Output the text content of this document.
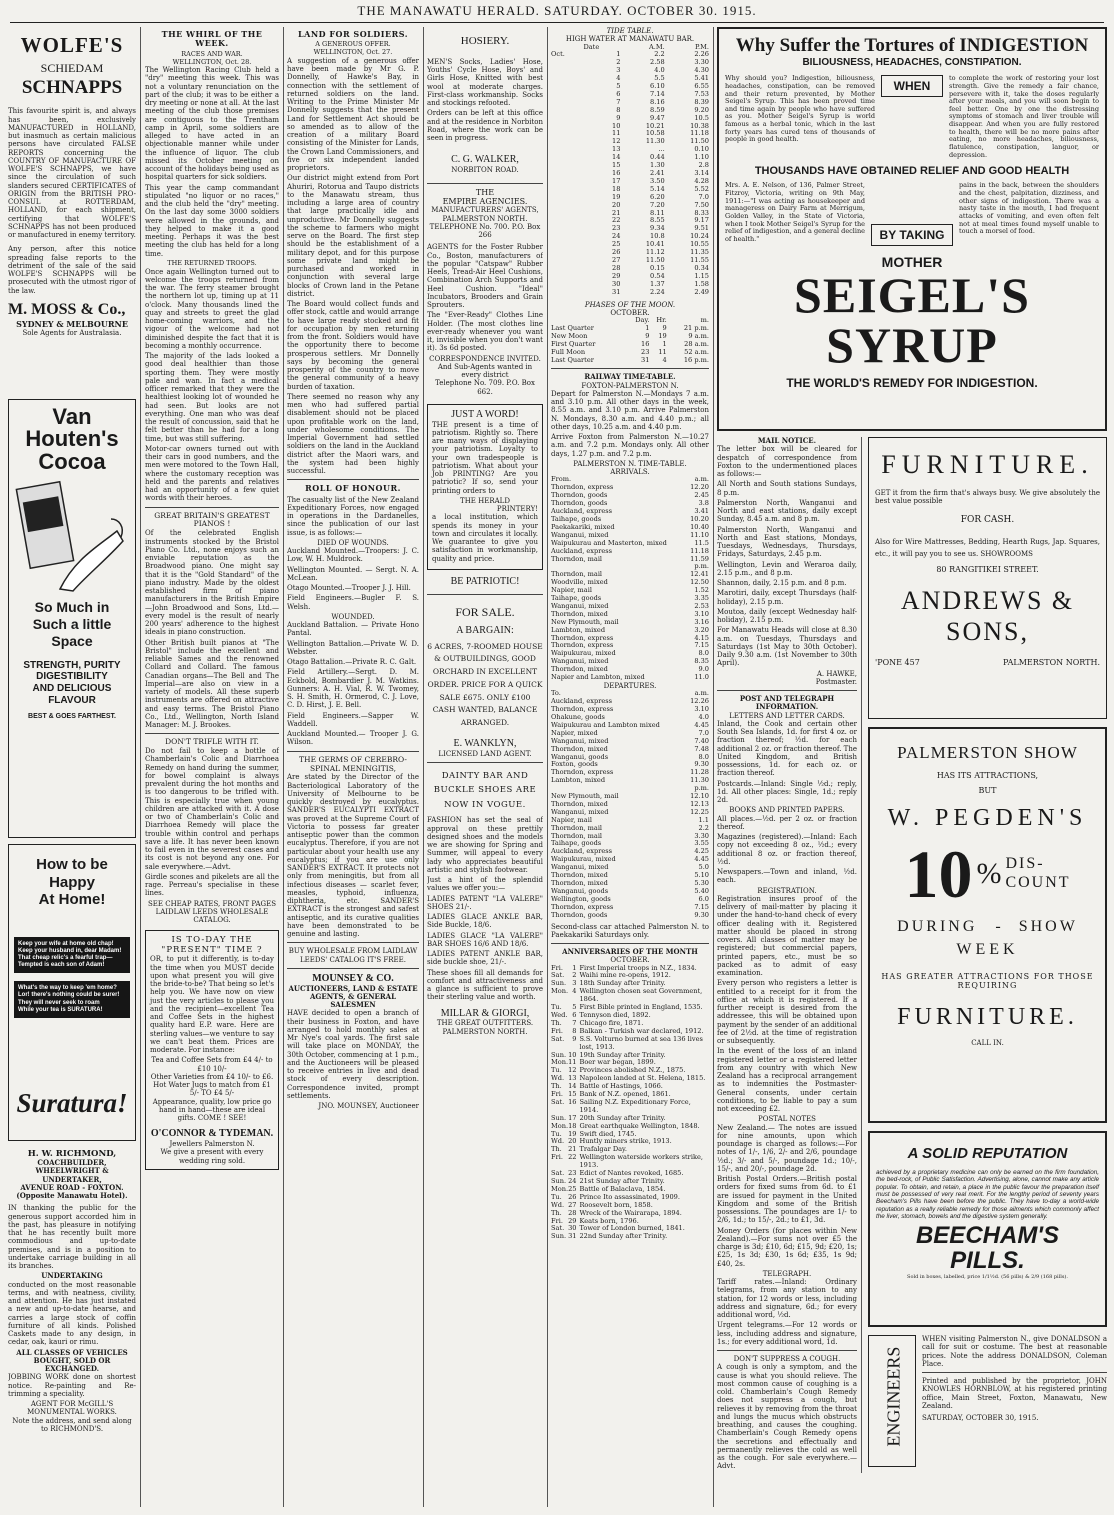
THE MANAWATU HERALD. SATURDAY. OCTOBER 30. 1915.
WOLFE'S
SCHIEDAM
SCHNAPPS

This favourite spirit is, and always has been, exclusively MANUFACTURED in HOLLAND, but inasmuch as certain malicious persons have circulated FALSE REPORTS concerning the COUNTRY OF MANUFACTURE OF WOLFE'S SCHNAPPS, we have since the circulation of such slanders secured CERTIFICATES of ORIGIN from the BRITISH PRO-CONSUL at ROTTERDAM, HOLLAND, for each shipment, certifying that WOLFE'S SCHNAPPS has not been produced or manufactured in enemy territory.

Any person, after this notice spreading false reports to the detriment of the sale of the said WOLFE'S SCHNAPPS will be prosecuted with the utmost rigor of the law.

M. MOSS & Co.,
SYDNEY & MELBOURNE
Sole Agents for Australasia.
Van
Houten's
Cocoa
So Much in
Such a little
Space
STRENGTH, PURITY
DIGESTIBILITY
AND DELICIOUS
FLAVOUR
BEST & GOES FARTHEST.
How to be Happy
At Home!
Keep your wife at home old chap!
Keep your husband in, dear Madam!
That cheap relic's a fearful trap—
Tempted is each son of Adam!
What's the way to keep 'em home?
Lor! there's nothing could be surer!
They will never seek to roam
While your tea is SURATURA!
Suratura!
H. W. RICHMOND,
COACHBUILDER, WHEELWRIGHT & UNDERTAKER,
AVENUE ROAD - FOXTON. (Opposite Manawatu Hotel).

IN thanking the public for the generous support accorded him in the past, has pleasure in notifying that he has recently built more commodious and up-to-date premises, and is in a position to undertake carriage building in all its branches.

UNDERTAKING

conducted on the most reasonable terms, and with neatness, civility, and attention. He has just instated a new and up-to-date hearse, and carries a large stock of coffin furniture of all kinds. Polished Caskets made to any design, in cedar, oak, kauri or rimu.

ALL CLASSES OF VEHICLES BOUGHT, SOLD OR EXCHANGED.

JOBBING WORK done on shortest notice. Re-painting and Re-trimming a speciality.

AGENT FOR McGILL'S MONUMENTAL WORKS.
Note the address, and send along to RICHMOND'S.
THE WHIRL OF THE WEEK.
RACES AND WAR.
WELLINGTON, Oct. 28.

The Wellington Racing Club held a "dry" meeting this week. This was not a voluntary renunciation on the part of the club; it was to be either a dry meeting or none at all. At the last meeting of the club those premises are contiguous to the Trentham camp in April, some soldiers are alleged to have acted in an objectionable manner while under the influence of liquor. The club missed its October meeting on account of the holidays being used as hospital quarters for sick soldiers.

This year the camp commandant stipulated "no liquor or no races," and the club held the "dry" meeting. On the last day some 3000 soldiers were allowed in the grounds, and they helped to make it a good meeting. Perhaps it was the best meeting the club has held for a long time.

THE RETURNED TROOPS.

Once again Wellington turned out to welcome the troops returned from the war. The ferry steamer brought the northern lot up, timing up at 11 o'clock. Many thousands lined the quay and streets to greet the glad home-coming warriors, and the vigour of the welcome had not diminished despite the fact that it is becoming a monthly occurrence.

The majority of the lads looked a good deal healthier than those sporting them. They were mostly pale and wan. In fact a medical officer remarked that they were the healthiest looking lot of wounded he had seen. But looks are not everything. One man who was deaf the result of concussion, said that he felt better than he had for a long time, but was still suffering.

Motor-car owners turned out with their cars in good numbers, and the men were motored to the Town Hall, where the customary reception was held and the parents and relatives had an opportunity of a few quiet words with their heroes.

GREAT BRITAIN'S GREATEST PIANOS !

Of the celebrated English instruments stocked by the Bristol Piano Co. Ltd., none enjoys such an enviable reputation as the Broadwood piano. One might say that it is the "Gold Standard" of the piano industry. Made by the oldest established firm of piano manufacturers in the British Empire—John Broadwood and Sons, Ltd.—every model is the result of nearly 200 years' adherence to the highest ideals in piano construction.

Other British built pianos at "The Bristol" include the excellent and reliable Sames and the renowned Collard and Collard. The famous Canadian organs—The Bell and The Imperial—are also on view in a variety of models. All these superb instruments are offered on attractive and easy terms. The Bristol Piano Co., Ltd., Wellington, North Island Manager: M. J. Brookes.

DON'T TRIFLE WITH IT.

Do not fail to keep a bottle of Chamberlain's Colic and Diarrhoea Remedy on hand during the summer, for bowel complaint is always prevalent during the hot months and is too dangerous to be trifled with. This is especially true when young children are attacked with it. A dose or two of Chamberlain's Colic and Diarrhoea Remedy will place the trouble within control and perhaps save a life. It has never been known to fail even in the severest cases and its cost is not beyond any one. For sale everywhere.—Advt.

Girdle scones and pikelets are all the rage. Perreau's specialise in these lines.

SEE CHEAP RATES, FRONT PAGES LAIDLAW LEEDS WHOLESALE CATALOG.
IS TO-DAY THE "PRESENT" TIME ?

OR, to put it differently, is to-day the time when you MUST decide upon what present you will give the bride-to-be? That being so let's help you. We have now on view just the very articles to please you and the recipient—excellent Tea and Coffee Sets in the highest quality hard E.P. ware. Here are sterling values—we venture to say we can't beat them. Prices are moderate. For instance:

Tea and Coffee Sets from £4 4/- to £10 10/-
Other Varieties from £4 10/- to £6.
Hot Water Jugs to match from £1 5/- TO £4 5/-
Appearance, quality, low price go hand in hand—these are ideal gifts. COME ! SEE!
O'CONNOR & TYDEMAN.
Jewellers Palmerston N.
We give a present with every wedding ring sold.
LAND FOR SOLDIERS.
A GENEROUS OFFER.
WELLINGTON, Oct. 27.

A suggestion of a generous offer have been made by Mr G. P. Donnelly, of Hawke's Bay, in connection with the settlement of returned soldiers on the land. Writing to the Prime Minister Mr Donnelly suggests that the present Land for Settlement Act should be so amended as to allow of the creation of a military Board consisting of the Minister for Lands, the Crown Land Commissioners, and five or six independent landed proprietors.

Our district might extend from Port Ahuriri, Rotorua and Taupo districts to the Manawatu stream, thus including a large area of country that large practically idle and unproductive. Mr Donnelly suggests the scheme to farmers who might serve on the Board. The first step should be the establishment of a military depot, and for this purpose some private land might be purchased and worked in conjunction with several large blocks of Crown land in the Petane district.

The Board would collect funds and offer stock, cattle and would arrange to have large ready stocked and fit for occupation by men returning from the front. Soldiers would have the opportunity there to become prosperous settlers. Mr Donnelly says by becoming the general prosperity of the country to move the general community of a heavy burden of taxation.

There seemed no reason why any men who had suffered partial disablement should not be placed upon profitable work on the land, under wholesome conditions. The Imperial Government had settled soldiers on the land in the Auckland district after the Maori wars, and the system had been highly successful.

ROLL OF HONOUR.

The casualty list of the New Zealand Expeditionary Forces, now engaged in operations in the Dardanelles, since the publication of our last issue, is as follows:—

DIED OF WOUNDS.

Auckland Mounted.—Troopers: J. C. Low, W. H. Muldrock.

Wellington Mounted. — Sergt. N. A. McLean.

Otago Mounted.—Trooper J. J. Hill.

Field Engineers.—Bugler F. S. Welsh.

WOUNDED.

Auckland Battalion. — Private Hono Pantal.

Wellington Battalion.—Private W. D. Webster.

Otago Battalion.—Private R. C. Galt.

Field Artillery.—Sergt. D. M. Eckbold, Bombardier J. M. Watkins. Gunners: A. H. Vial, R. W. Twomey, S. H. Smith, H. Ormerod, C. J. Love, C. D. Hirst, J. E. Bell.

Field Engineers.—Sapper W. Waddell.

Auckland Mounted.— Trooper J. G. Wilson.

THE GERMS OF CEREBRO-SPINAL MENINGITIS,

Are stated by the Director of the Bacteriological Laboratory of the University of Melbourne to be quickly destroyed by eucalyptus. SANDER'S EUCALYPTI EXTRACT was proved at the Supreme Court of Victoria to possess far greater antiseptic power than the common eucalyptus. Therefore, if you are not particular about your health use any eucalyptus; if you are use only SANDER'S EXTRACT. It protects not only from meningitis, but from all infectious diseases — scarlet fever, measles, typhoid, influenza, diphtheria, etc. SANDER'S EXTRACT is the strongest and safest antiseptic, and its curative qualities have been demonstrated to be genuine and lasting.

BUY WHOLESALE FROM LAIDLAW LEEDS' CATALOG IT'S FREE.
MOUNSEY & CO.
AUCTIONEERS, LAND & ESTATE AGENTS, & GENERAL SALESMEN

HAVE decided to open a branch of their business in Foxton, and have arranged to hold monthly sales at Mr Nye's coal yards. The first sale will take place on MONDAY, the 30th October, commencing at 1 p.m., and the Auctioneers will be pleased to receive entries in live and dead stock of every description. Correspondence invited, prompt settlements.

JNO. MOUNSEY, Auctioneer
HOSIERY.

MEN'S Socks, Ladies' Hose, Youths' Cycle Hose, Boys' and Girls Hose, Knitted with best wool at moderate charges. First-class workmanship. Socks and stockings refooted.

Orders can be left at this office and at the residence in Norbiton Road, where the work can be seen in progress.

C. G. WALKER,
NORBITON ROAD.
THE
EMPIRE AGENCIES.
MANUFACTURERS' AGENTS, PALMERSTON NORTH.
TELEPHONE No. 700. P.O. Box 266

AGENTS for the Foster Rubber Co., Boston, manufacturers of the popular "Catspaw" Rubber Heels, Tread-Air Heel Cushions, Combination Arch Supports and Heel Cushion. "Ideal" Incubators, Brooders and Grain Sprouters.

The "Ever-Ready" Clothes Line Holder. (The most clothes line ever-ready whenever you want it, invisible when you don't want it). 3s 6d posted.

CORRESPONDENCE INVITED.
And Sub-Agents wanted in every district
Telephone No. 709. P.O. Box 662.
JUST A WORD!

THE present is a time of patriotism. Rightly so. There are many ways of displaying your patriotism. Loyalty to your own tradespeople is patriotism. What about your Job PRINTING? Are you patriotic? If so, send your printing orders to

THE HERALD
PRINTERY!

a local institution, which spends its money in your town and circulates it locally. We guarantee to give you satisfaction in workmanship, quality and price.

BE PATRIOTIC!
FOR SALE.
A BARGAIN:

6 ACRES, 7-ROOMED HOUSE & OUTBUILDINGS, GOOD ORCHARD IN EXCELLENT ORDER. PRICE FOR A QUICK SALE £675. ONLY £100 CASH WANTED, BALANCE ARRANGED.

E. WANKLYN,
LICENSED LAND AGENT.
DAINTY BAR AND BUCKLE SHOES ARE NOW IN VOGUE.

FASHION has set the seal of approval on these prettily designed shoes and the models we are showing for Spring and Summer, will appeal to every lady who appreciates beautiful artistic and stylish footwear.

Just a hint of the splendid values we offer you:—

LADIES PATENT "LA VALERE" SHOES 21/-.

LADIES GLACE ANKLE BAR, Side Buckle, 18/6.

LADIES GLACE "LA VALERE" BAR SHOES 16/6 AND 18/6.

LADIES PATENT ANKLE BAR, side buckle shoe, 21/-.

These shoes fill all demands for comfort and attractiveness and a glance is sufficient to prove their sterling value and worth.

MILLAR & GIORGI,
THE GREAT OUTFITTERS.
PALMERSTON NORTH.
TIDE TABLE.
HIGH WATER AT MANAWATU BAR.
		Date	A.M.	P.M.
Oct.		1	2.2	2.26
		2	2.58	3.30
		3	4.0	4.30
		4	5.5	5.41
		5	6.10	6.55
		6	7.14	7.53
		7	8.16	8.39
		8	8.59	9.20
		9	9.47	10.5
		10	10.21	10.38
		11	10.58	11.18
		12	11.30	11.50
		13	...	0.10
		14	0.44	1.10
		15	1.30	2.8
		16	2.41	3.14
		17	3.50	4.28
		18	5.14	5.52
		19	6.20	7.0
		20	7.20	7.50
		21	8.11	8.33
		22	8.55	9.17
		23	9.34	9.51
		24	10.8	10.24
		25	10.41	10.55
		26	11.12	11.35
		27	11.50	11.55
		28	0.15	0.34
		29	0.54	1.15
		30	1.37	1.58
		31	2.24	2.49
PHASES OF THE MOON.
OCTOBER.
	Day.	Hr.	m.
Last Quarter	1	9	21 p.m.
New Moon	9	19	9 a.m.
First Quarter	16	1	28 a.m.
Full Moon	23	11	52 a.m.
Last Quarter	31	4	16 p.m.
RAILWAY TIME-TABLE.
FOXTON-PALMERSTON N.

Depart for Palmerston N.—Mondays 7 a.m. and 3.10 p.m. All other days in the week, 8.55 a.m. and 3.10 p.m. Arrive Palmerston N. Mondays, 8.30 a.m. and 4.40 p.m.; all other days, 10.25 a.m. and 4.40 p.m.

Arrive Foxton from Palmerston N.—10.27 a.m. and 7.2 p.m. Mondays only. All other days, 1.27 p.m. and 7.2 p.m.

PALMERSTON N. TIME-TABLE.
ARRIVALS.
From.	a.m.
Thorndon, express	12.20
Thorndon, goods	2.45
Thorndon, goods	3.8
Auckland, express	3.41
Taihape, goods	10.20
Paekakariki, mixed	10.40
Wanganui, mixed	11.10
Waipukurau and Masterton, mixed	11.5
Auckland, express	11.18
Thorndon, mail	11.59
	p.m.
Thorndon, mail	12.41
Woodville, mixed	12.50
Napier, mail	1.52
Taihape, goods	3.35
Wanganui, mixed	2.53
Thorndon, mixed	3.10
New Plymouth, mail	3.16
Lambton, mixed	3.20
Thorndon, express	4.15
Thorndon, express	7.15
Waipukurau, mixed	8.0
Wanganui, mixed	8.35
Thorndon, mixed	9.0
Napier and Lambton, mixed	11.0
DEPARTURES.
To.	a.m.
Auckland, express	12.26
Thorndon, express	3.10
Ohakune, goods	4.0
Waipukurau and Lambton mixed	4.45
Napier, mixed	7.0
Wanganui, mixed	7.40
Thorndon, mixed	7.48
Wanganui, goods	8.0
Foxton, goods	9.30
Thorndon, express	11.28
Lambton, mixed	11.30
	p.m.
New Plymouth, mail	12.10
Thorndon, mixed	12.13
Wanganui, mixed	12.25
Napier, mail	1.1
Thorndon, mail	2.2
Thorndon, mail	3.30
Taihape, goods	3.55
Auckland, express	4.25
Waipukurau, mixed	4.45
Wanganui, mixed	5.0
Thorndon, mixed	5.10
Thorndon, mixed	5.30
Wanganui, goods	5.40
Wellington, goods	6.0
Thorndon, express	7.15
Thorndon, goods	9.30

Second-class car attached Palmerston N. to Paekakariki Saturdays only.

ANNIVERSARIES OF THE MONTH
OCTOBER.
Fri.	1	First Imperial troops in N.Z., 1834.
Sat.	2	Waihi mine re-opens, 1912.
Sun.	3	18th Sunday after Trinity.
Mon.	4	Wellington chosen seat Government, 1864.
Tu.	5	First Bible printed in England, 1535.
Wed.	6	Tennyson died, 1892.
Th.	7	Chicago fire, 1871.
Fri.	8	Balkan - Turkish war declared, 1912.
Sat.	9	S.S. Volturno burned at sea 136 lives lost, 1913.
Sun.	10	19th Sunday after Trinity.
Mon.	11	Boer war began, 1899.
Tu.	12	Provinces abolished N.Z., 1875.
Wd.	13	Napoleon landed at St. Helena, 1815.
Th.	14	Battle of Hastings, 1066.
Fri.	15	Bank of N.Z. opened, 1861.
Sat.	16	Sailing N.Z. Expeditionary Force, 1914.
Sun.	17	20th Sunday after Trinity.
Mon.	18	Great earthquake Wellington, 1848.
Tu.	19	Swift died, 1745.
Wd.	20	Huntly miners strike, 1913.
Th.	21	Trafalgar Day.
Fri.	22	Wellington waterside workers strike, 1913.
Sat.	23	Edict of Nantes revoked, 1685.
Sun.	24	21st Sunday after Trinity.
Mon.	25	Battle of Balaclava, 1854.
Tu.	26	Prince Ito assassinated, 1909.
Wd.	27	Roosevelt born, 1858.
Th.	28	Wreck of the Wairarapa, 1894.
Fri.	29	Keats born, 1796.
Sat.	30	Tower of London burned, 1841.
Sun.	31	22nd Sunday after Trinity.
Why Suffer the Tortures of INDIGESTION
BILIOUSNESS, HEADACHES, CONSTIPATION.

Why should you? Indigestion, biliousness, headaches, constipation, can be removed and their return prevented, by Mother Seigel's Syrup. This has been proved time and time again by people who have suffered as you. Mother Seigel's Syrup is world famous as a herbal tonic, which in the last forty years has cured tens of thousands of people in good health.

WHEN

to complete the work of restoring your lost strength. Give the remedy a fair chance, persevere with it, take the doses regularly after your meals, and you will soon begin to feel better. One by one the distressing symptoms of stomach and liver trouble will disappear. And when you are fully restored to health, there will be no more pains after eating, no more headaches, biliousness, flatulence, constipation, languor, or depression.

THOUSANDS HAVE OBTAINED RELIEF AND GOOD HEALTH

Mrs. A. E. Nelson, of 136, Palmer Street, Fitzroy, Victoria, writing on 9th May, 1911:—"I was acting as housekeeper and manageress on Dairy Farm at Merrigum, Golden Valley, in the State of Victoria, when I took Mother Seigel's Syrup for the relief of indigestion, and a general decline of health."	BY TAKING

pains in the back, between the shoulders and the chest, palpitation, dizziness, and other signs of indigestion. There was a nasty taste in the mouth, I had frequent attacks of vomiting, and even often felt not at meal times found myself unable to touch a morsel of food.

MOTHER
SEIGEL'S SYRUP
THE WORLD'S REMEDY FOR INDIGESTION.
MAIL NOTICE.

The letter box will be cleared for despatch of correspondence from Foxton to the undermentioned places as follows:—

All North and South stations Sundays, 8 p.m.

Palmerston North, Wanganui and North and east stations, daily except Sunday, 8.45 a.m. and 8 p.m.

Palmerston North, Wanganui and North and East stations, Mondays, Tuesdays, Wednesdays, Thursdays, Fridays, Saturdays, 2.45 p.m.

Wellington, Levin and Weraroa daily, 2.15 p.m., and 8 p.m.

Shannon, daily, 2.15 p.m. and 8 p.m.

Marotiri, daily, except Thursdays (half-holiday), 2.15 p.m.

Moutoa, daily (except Wednesday half-holiday), 2.15 p.m.

For Manawatu Heads will close at 8.30 a.m. on Tuesdays, Thursdays and Saturdays (1st May to 30th October). Daily 9.30 a.m. (1st November to 30th April).

A. HAWKE,
Postmaster.
POST AND TELEGRAPH INFORMATION.
LETTERS AND LETTER CARDS.

Inland, the Cook and certain other South Sea Islands, 1d. for first 4 oz. or fraction thereof; ½d. for each additional 2 oz. or fraction thereof. The United Kingdom, and British possessions, 1d. for each oz. or fraction thereof.

Postcards.—Inland: Single ½d.; reply, 1d. All other places: Single, 1d.; reply 2d.

BOOKS AND PRINTED PAPERS.

All places.—½d. per 2 oz. or fraction thereof.

Magazines (registered).—Inland: Each copy not exceeding 8 oz., ½d.; every additional 8 oz. or fraction thereof, ½d.

Newspapers.—Town and inland, ½d. each.

REGISTRATION.

Registration insures proof of the delivery of mail-matter by placing it under the hand-to-hand check of every officer dealing with it. Registered matter should be placed in strong covers. All classes of matter may be registered; but commercial papers, printed papers, etc., must be so packed as to admit of easy examination.

Every person who registers a letter is entitled to a receipt for it from the office at which it is registered. If a further receipt is desired from the addressee, this will be obtained upon payment by the sender of an additional fee of 2½d. at the time of registration or subsequently.

In the event of the loss of an inland registered letter or a registered letter from any country with which New Zealand has a reciprocal arrangement as to indemnities the Postmaster-General consents, under certain conditions, to be liable to pay a sum not exceeding £2.

POSTAL NOTES

New Zealand.— The notes are issued for nine amounts, upon which poundage is charged as follows:—For notes of 1/-, 1/6, 2/- and 2/6, poundage ½d.; 3/- and 5/-, poundage 1d.; 10/-, 15/-, and 20/-, poundage 2d.

British Postal Orders.—British postal orders for fixed sums from 6d. to £1 are issued for payment in the United Kingdom and some of the British possessions. The poundages are 1/- to 2/6, 1d.; to 15/-, 2d.; to £1, 3d.

Money Orders (for places within New Zealand).—For sums not over £5 the charge is 3d; £10, 6d; £15, 9d; £20, 1s; £25, 1s 3d; £30, 1s 6d; £35, 1s 9d; £40, 2s.

TELEGRAPH.

Tariff rates.—Inland: Ordinary telegrams, from any station to any station, for 12 words or less, including address and signature, 6d.; for every additional word, ½d.

Urgent telegrams.—For 12 words or less, including address and signature, 1s.; for every additional word, 1d.

DON'T SUPPRESS A COUGH.

A cough is only a symptom, and the cause is what you should relieve. The most common cause of coughing is a cold. Chamberlain's Cough Remedy does not suppress a cough, but relieves it by removing from the throat and lungs the mucus which obstructs breathing, and causes the coughing. Chamberlain's Cough Remedy opens the secretions and effectually and permanently relieves the cold as well as the cough. For sale everywhere.—Advt.

FURNITURE.

GET it from the firm that's always busy. We give absolutely the best value possible

FOR CASH.

Also for Wire Mattresses, Bedding, Hearth Rugs, Jap. Squares, etc., it will pay you to see us. SHOWROOMS

80 RANGITIKEI STREET.
ANDREWS & SONS,
'PONE 457	PALMERSTON NORTH.
PALMERSTON SHOW
HAS ITS ATTRACTIONS,
BUT
W. PEGDEN'S
10 % DIS-
COUNT
DURING - SHOW
WEEK
HAS GREATER ATTRACTIONS FOR THOSE REQUIRING
FURNITURE.
CALL IN.
A SOLID REPUTATION

achieved by a proprietary medicine can only be earned on the firm foundation, the bed-rock, of Public Satisfaction. Advertising, alone, cannot make any article popular. To obtain, and retain, a place in the public favour the preparation itself must be possessed of very real merit. For the lengthy period of seventy years Beecham's Pills have been before the public. They have to-day a world-wide reputation as a really reliable remedy for those ailments which commonly affect the liver, stomach, bowels and the digestive system generally.

BEECHAM'S
PILLS.
Sold in boxes, labelled, price 1/1½d. (56 pills) & 2/9 (168 pills).
ENGINEERS

WHEN visiting Palmerston N., give DONALDSON a call for suit or costume. The best at reasonable prices. Note the address DONALDSON, Coleman Place.

Printed and published by the proprietor, JOHN KNOWLES HORNBLOW, at his registered printing office, Main Street, Foxton, Manawatu, New Zealand.

SATURDAY, OCTOBER 30, 1915.
